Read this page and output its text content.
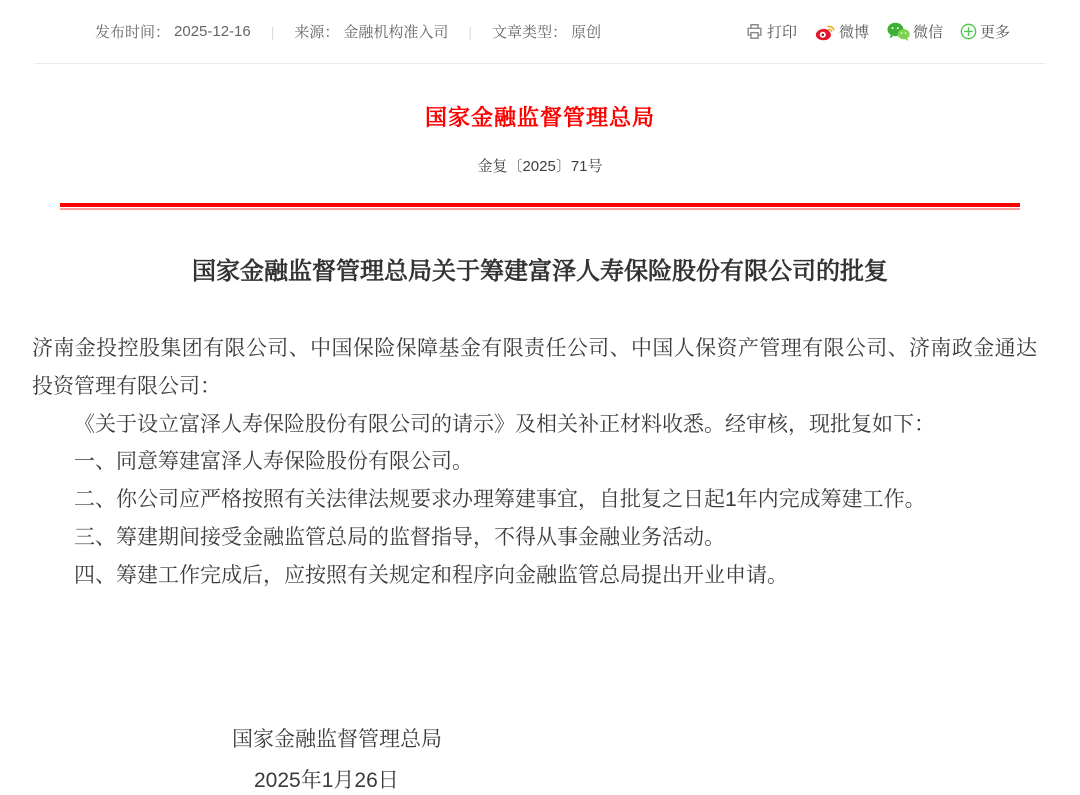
发布时间： 2025-12-16 | 来源： 金融机构准入司 | 文章类型： 原创	打印	微博	微信 更多
国家金融监督管理总局
金复〔2025〕71号
国家金融监督管理总局关于筹建富泽人寿保险股份有限公司的批复

济南金投控股集团有限公司、中国保险保障基金有限责任公司、中国人保资产管理有限公司、济南政金通达投资管理有限公司：

《关于设立富泽人寿保险股份有限公司的请示》及相关补正材料收悉。经审核，现批复如下：

一、同意筹建富泽人寿保险股份有限公司。

二、你公司应严格按照有关法律法规要求办理筹建事宜，自批复之日起1年内完成筹建工作。

三、筹建期间接受金融监管总局的监督指导，不得从事金融业务活动。

四、筹建工作完成后，应按照有关规定和程序向金融监管总局提出开业申请。

国家金融监督管理总局
2025年1月26日
